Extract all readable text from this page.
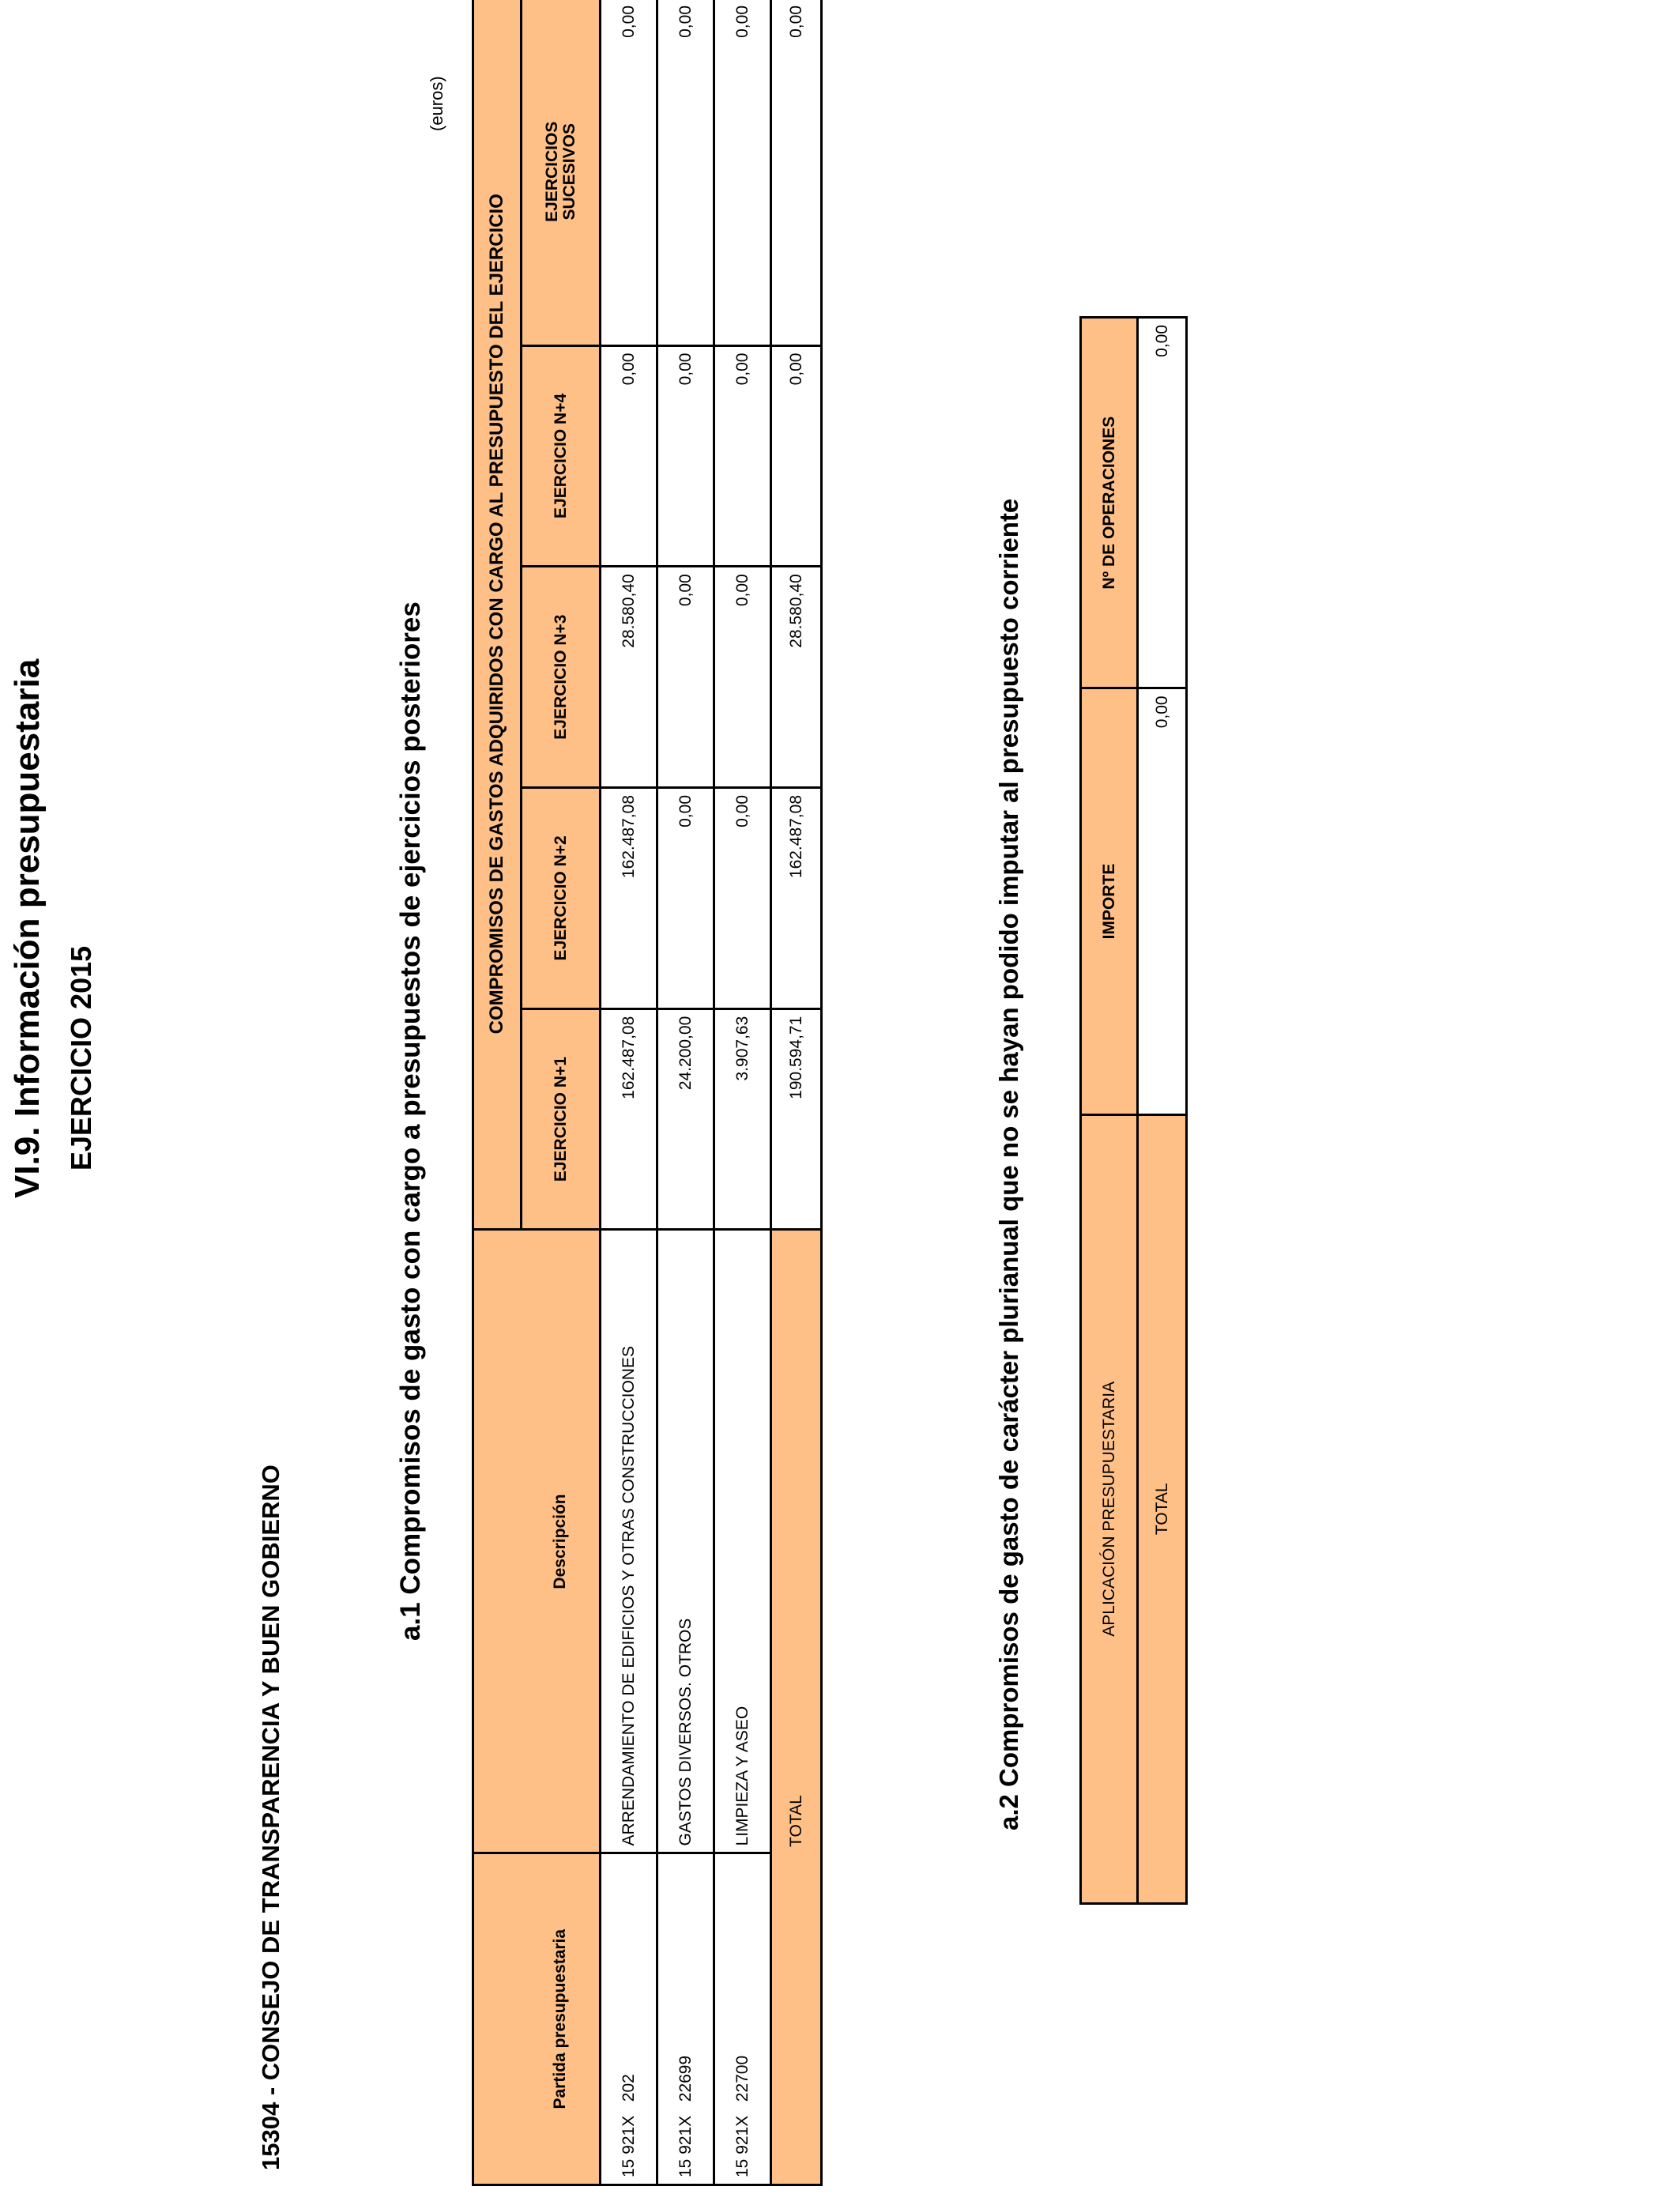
VI.9. Información presupuestaria EJERCICIO 2015
15304 - CONSEJO DE TRANSPARENCIA Y BUEN GOBIERNO
a.1 Compromisos de gasto con cargo a presupuestos de ejercicios posteriores
(euros)
		COMPROMISOS DE GASTOS ADQUIRIDOS CON CARGO AL PRESUPUESTO DEL EJERCICIO				
Partida presupuestaria	Descripción	EJERCICIO N+1	EJERCICIO N+2	EJERCICIO N+3	EJERCICIO N+4	EJERCICIOS SUCESIVOS

15 921X   202	ARRENDAMIENTO DE EDIFICIOS Y OTRAS CONSTRUCCIONES	162.487,08	162.487,08	28.580,40	0,00	0,00
15 921X   22699	GASTOS DIVERSOS. OTROS	24.200,00	0,00	0,00	0,00	0,00
15 921X   22700	LIMPIEZA Y ASEO	3.907,63	0,00	0,00	0,00	0,00
	TOTAL	190.594,71	162.487,08	28.580,40	0,00	0,00
a.2 Compromisos de gasto de carácter plurianual que no se hayan podido imputar al presupuesto corriente	APLICACIÓN PRESUPUESTARIA	IMPORTE	Nº DE OPERACIONES
TOTAL	0,00	0,00
